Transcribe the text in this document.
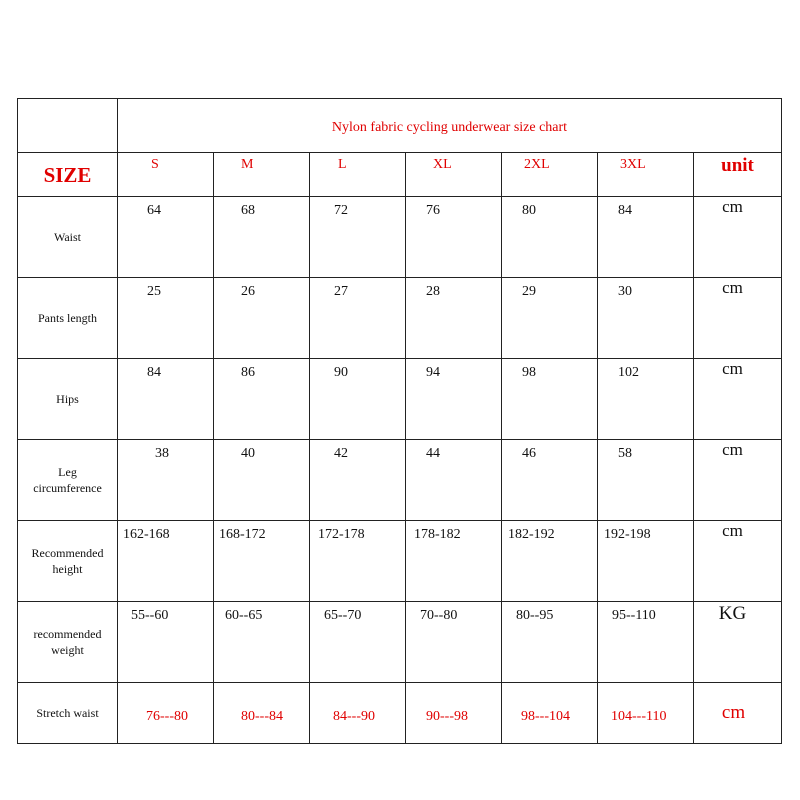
	Nylon fabric cycling underwear size chart						
SIZE	S	M	L	XL	2XL	3XL	unit
Waist	64	68	72	76	80	84	cm
Pants length	25	26	27	28	29	30	cm
Hips	84	86	90	94	98	102	cm
Leg
circumference	38	40	42	44	46	58	cm
Recommended
height	162-168	168-172	172-178	178-182	182-192	192-198	cm
recommended
weight	55--60	60--65	65--70	70--80	80--95	95--110	KG
Stretch waist	76---80	80---84	84---90	90---98	98---104	104---110	cm
